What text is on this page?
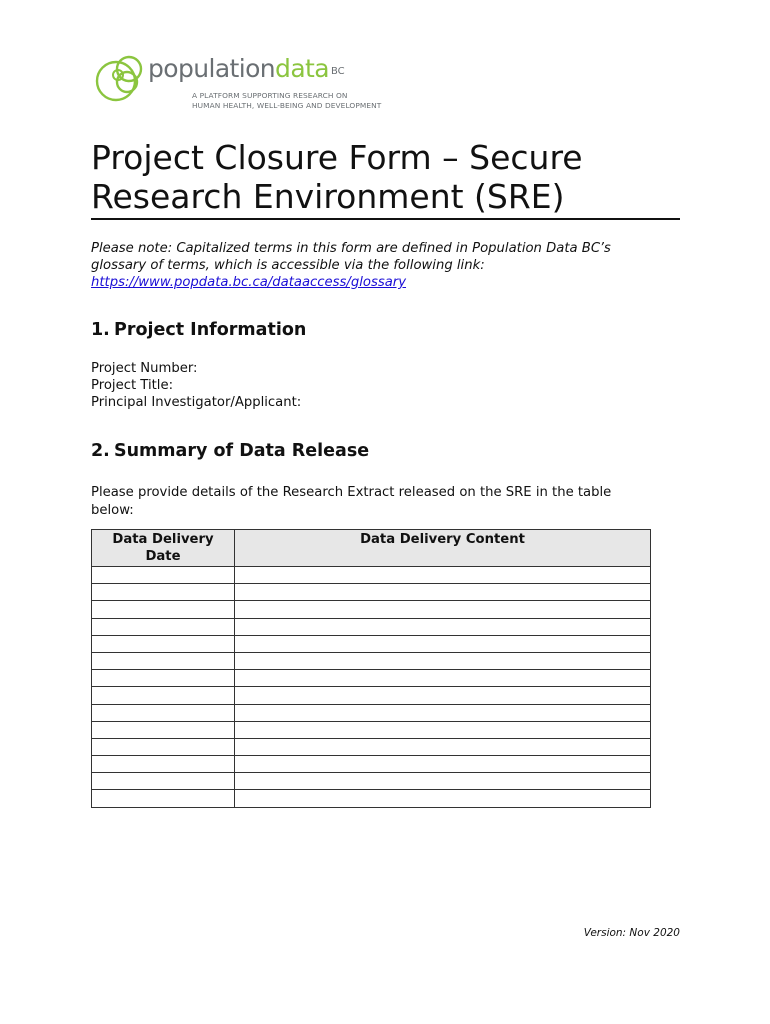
populationdata $^{BC}$
A PLATFORM SUPPORTING RESEARCH ON
HUMAN HEALTH, WELL-BEING AND DEVELOPMENT
Project Closure Form – Secure
Research Environment (SRE)
Please note: Capitalized terms in this form are defined in Population Data BC’s
glossary of terms, which is accessible via the following link:
https://www.popdata.bc.ca/dataaccess/glossary
1. Project Information
Project Number:
Project Title:
Principal Investigator/Applicant:
2. Summary of Data Release
Please provide details of the Research Extract released on the SRE in the table
below:
Data Delivery
Date	Data Delivery Content

Version: Nov 2020
